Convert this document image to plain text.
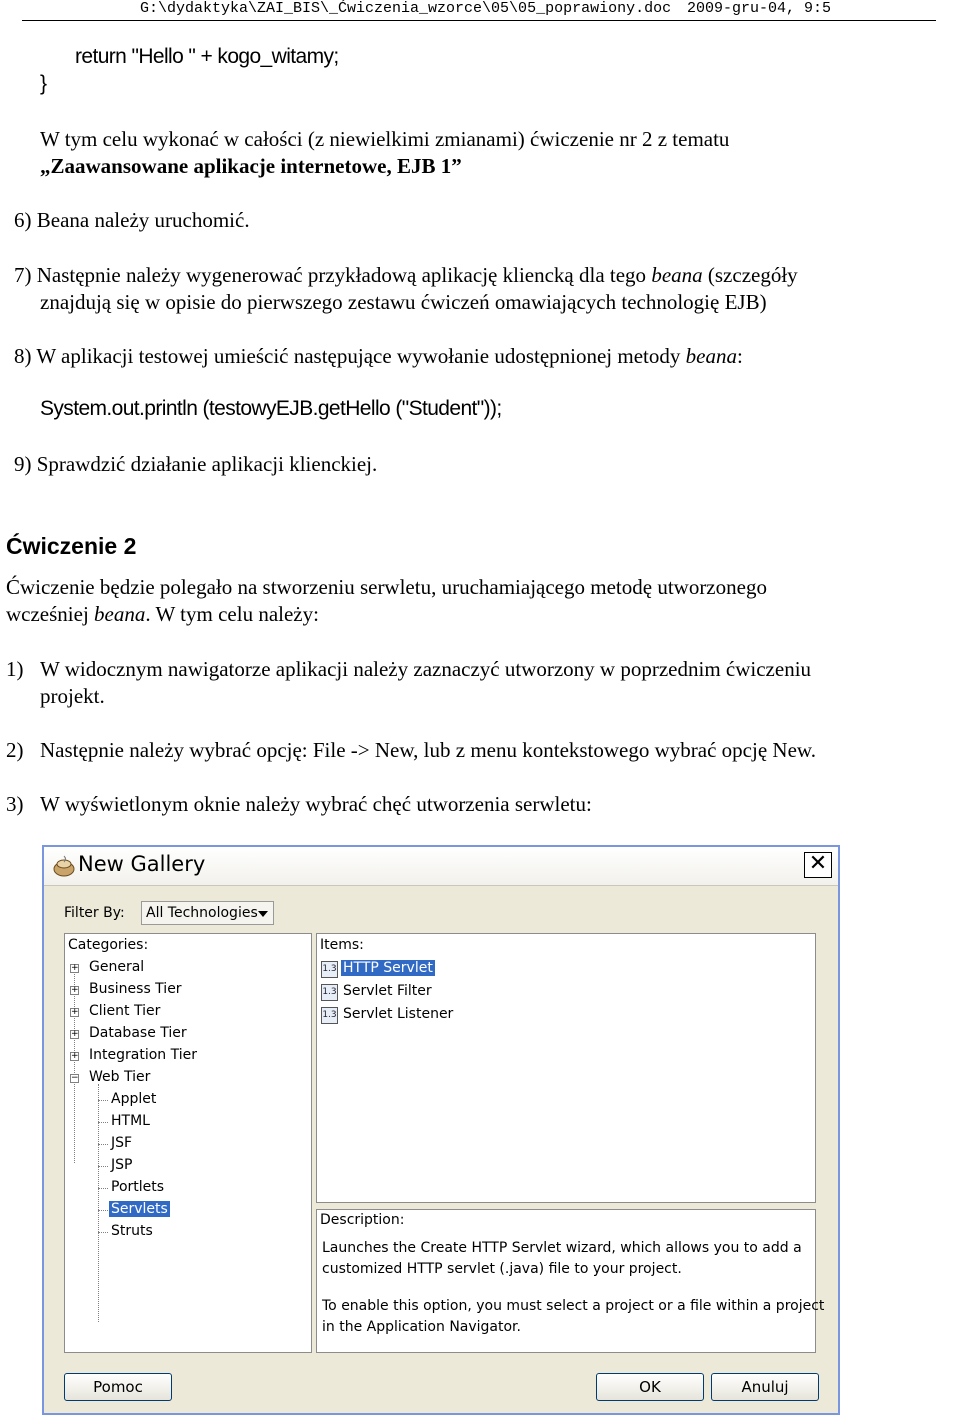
G:\dydaktyka\ZAI_BIS\_Ćwiczenia_wzorce\05\05_poprawiony.doc 2009-gru-04, 9:5
return "Hello " + kogo_witamy;
}
W tym celu wykonać w całości (z niewielkimi zmianami) ćwiczenie nr 2 z tematu
„Zaawansowane aplikacje internetowe, EJB 1”
6) Beana należy uruchomić.
7) Następnie należy wygenerować przykładową aplikację kliencką dla tego beana (szczegóły
znajdują się w opisie do pierwszego zestawu ćwiczeń omawiających technologię EJB)
8) W aplikacji testowej umieścić następujące wywołanie udostępnionej metody beana:
System.out.println (testowyEJB.getHello ("Student"));
9) Sprawdzić działanie aplikacji klienckiej.
Ćwiczenie 2
Ćwiczenie będzie polegało na stworzeniu serwletu, uruchamiającego metodę utworzonego
wcześniej beana. W tym celu należy:
1) W widocznym nawigatorze aplikacji należy zaznaczyć utworzony w poprzednim ćwiczeniu
projekt.
2) Następnie należy wybrać opcję: File -> New, lub z menu kontekstowego wybrać opcję New.
3) W wyświetlonym oknie należy wybrać chęć utworzenia serwletu:
New Gallery	✕
Filter By:	All Technologies
Categories:
+ General
+ Business Tier
+ Client Tier
+ Database Tier
+ Integration Tier
− Web Tier
Applet
HTML
JSF
JSP
Portlets
Servlets
Struts
Items:
1.3 HTTP Servlet
1.3 Servlet Filter
1.3 Servlet Listener
Description:
Launches the Create HTTP Servlet wizard, which allows you to add a
customized HTTP servlet (.java) file to your project.
To enable this option, you must select a project or a file within a project
in the Application Navigator.
Pomoc	OK	Anuluj
